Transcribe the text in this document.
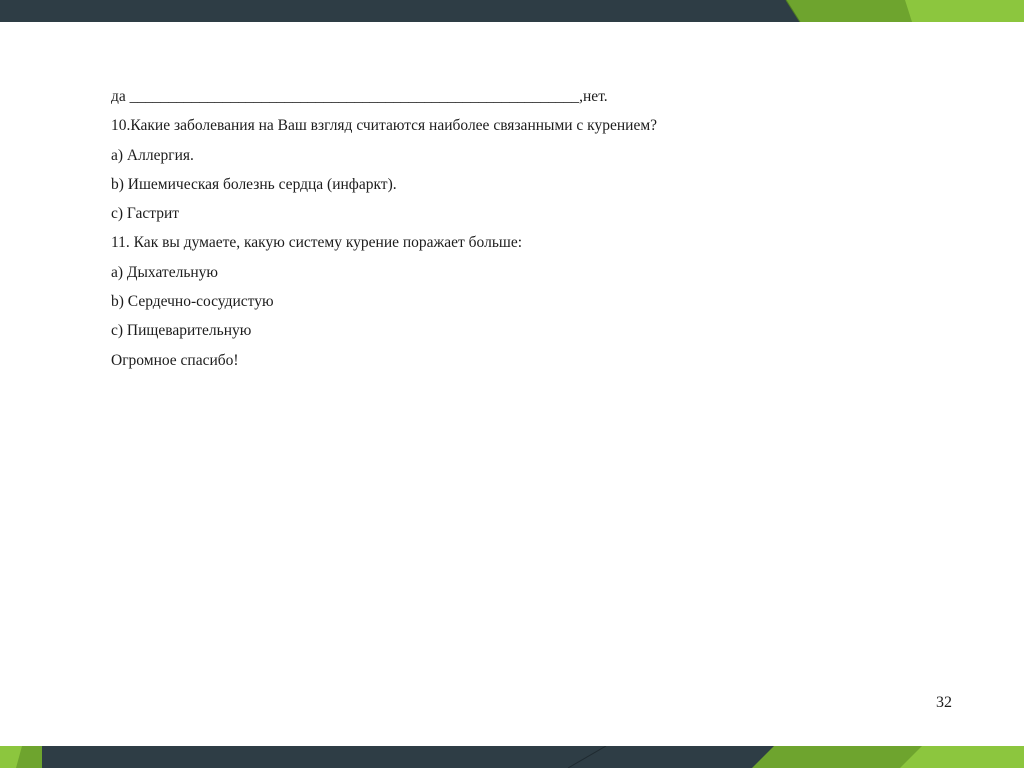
да __________________________________________________________,нет.
10.Какие заболевания на Ваш взгляд считаются наиболее связанными с курением?
а) Аллергия.
b) Ишемическая болезнь сердца (инфаркт).
с) Гастрит
11. Как вы думаете, какую систему курение поражает больше:
а) Дыхательную
b) Сердечно-сосудистую
c) Пищеварительную
Огромное спасибо!
32
